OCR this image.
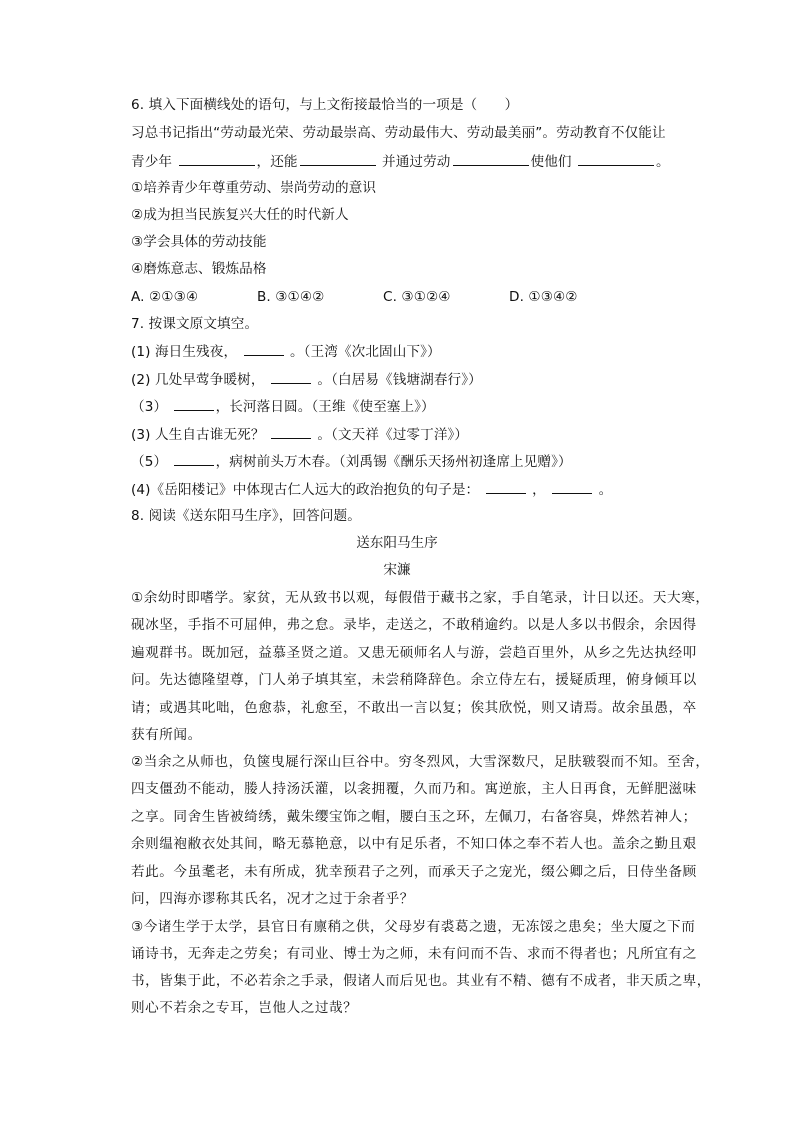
6. 填入下面横线处的语句，与上文衔接最恰当的一项是（　　）
习总书记指出“劳动最光荣、劳动最崇高、劳动最伟大、劳动最美丽”。劳动教育不仅能让
青少年	，还能	并通过劳动	使他们	。
①培养青少年尊重劳动、崇尚劳动的意识
②成为担当民族复兴大任的时代新人
③学会具体的劳动技能
④磨炼意志、锻炼品格
A. ②①③④	B. ③①④②	C. ③①②④	D. ①③④②
7. 按课文原文填空。
(1) 海日生残夜，	。（王湾《次北固山下》）
(2) 几处早莺争暖树，	。（白居易《钱塘湖春行》）
（3）	，长河落日圆。（王维《使至塞上》）
(3) 人生自古谁无死？	。（文天祥《过零丁洋》）
（5）	，病树前头万木春。（刘禹锡《酬乐天扬州初逢席上见赠》）
(4)《岳阳楼记》中体现古仁人远大的政治抱负的句子是：	，	。
8. 阅读《送东阳马生序》，回答问题。
送东阳马生序
宋濂
①余幼时即嗜学。家贫，无从致书以观，每假借于藏书之家，手自笔录，计日以还。天大寒，
砚冰坚，手指不可屈伸，弗之怠。录毕，走送之，不敢稍逾约。以是人多以书假余，余因得
遍观群书。既加冠，益慕圣贤之道。又患无硕师名人与游，尝趋百里外，从乡之先达执经叩
问。先达德隆望尊，门人弟子填其室，未尝稍降辞色。余立侍左右，援疑质理，俯身倾耳以
请；或遇其叱咄，色愈恭，礼愈至，不敢出一言以复；俟其欣悦，则又请焉。故余虽愚，卒
获有所闻。
②当余之从师也，负箧曳屣行深山巨谷中。穷冬烈风，大雪深数尺，足肤皲裂而不知。至舍，
四支僵劲不能动，媵人持汤沃灌，以衾拥覆，久而乃和。寓逆旅，主人日再食，无鲜肥滋味
之享。同舍生皆被绮绣，戴朱缨宝饰之帽，腰白玉之环，左佩刀，右备容臭，烨然若神人；
余则缊袍敝衣处其间，略无慕艳意，以中有足乐者，不知口体之奉不若人也。盖余之勤且艰
若此。今虽耄老，未有所成，犹幸预君子之列，而承天子之宠光，缀公卿之后，日侍坐备顾
问，四海亦谬称其氏名，况才之过于余者乎？
③今诸生学于太学，县官日有廪稍之供，父母岁有裘葛之遗，无冻馁之患矣；坐大厦之下而
诵诗书，无奔走之劳矣；有司业、博士为之师，未有问而不告、求而不得者也；凡所宜有之
书，皆集于此，不必若余之手录，假诸人而后见也。其业有不精、德有不成者，非天质之卑，
则心不若余之专耳，岂他人之过哉？
